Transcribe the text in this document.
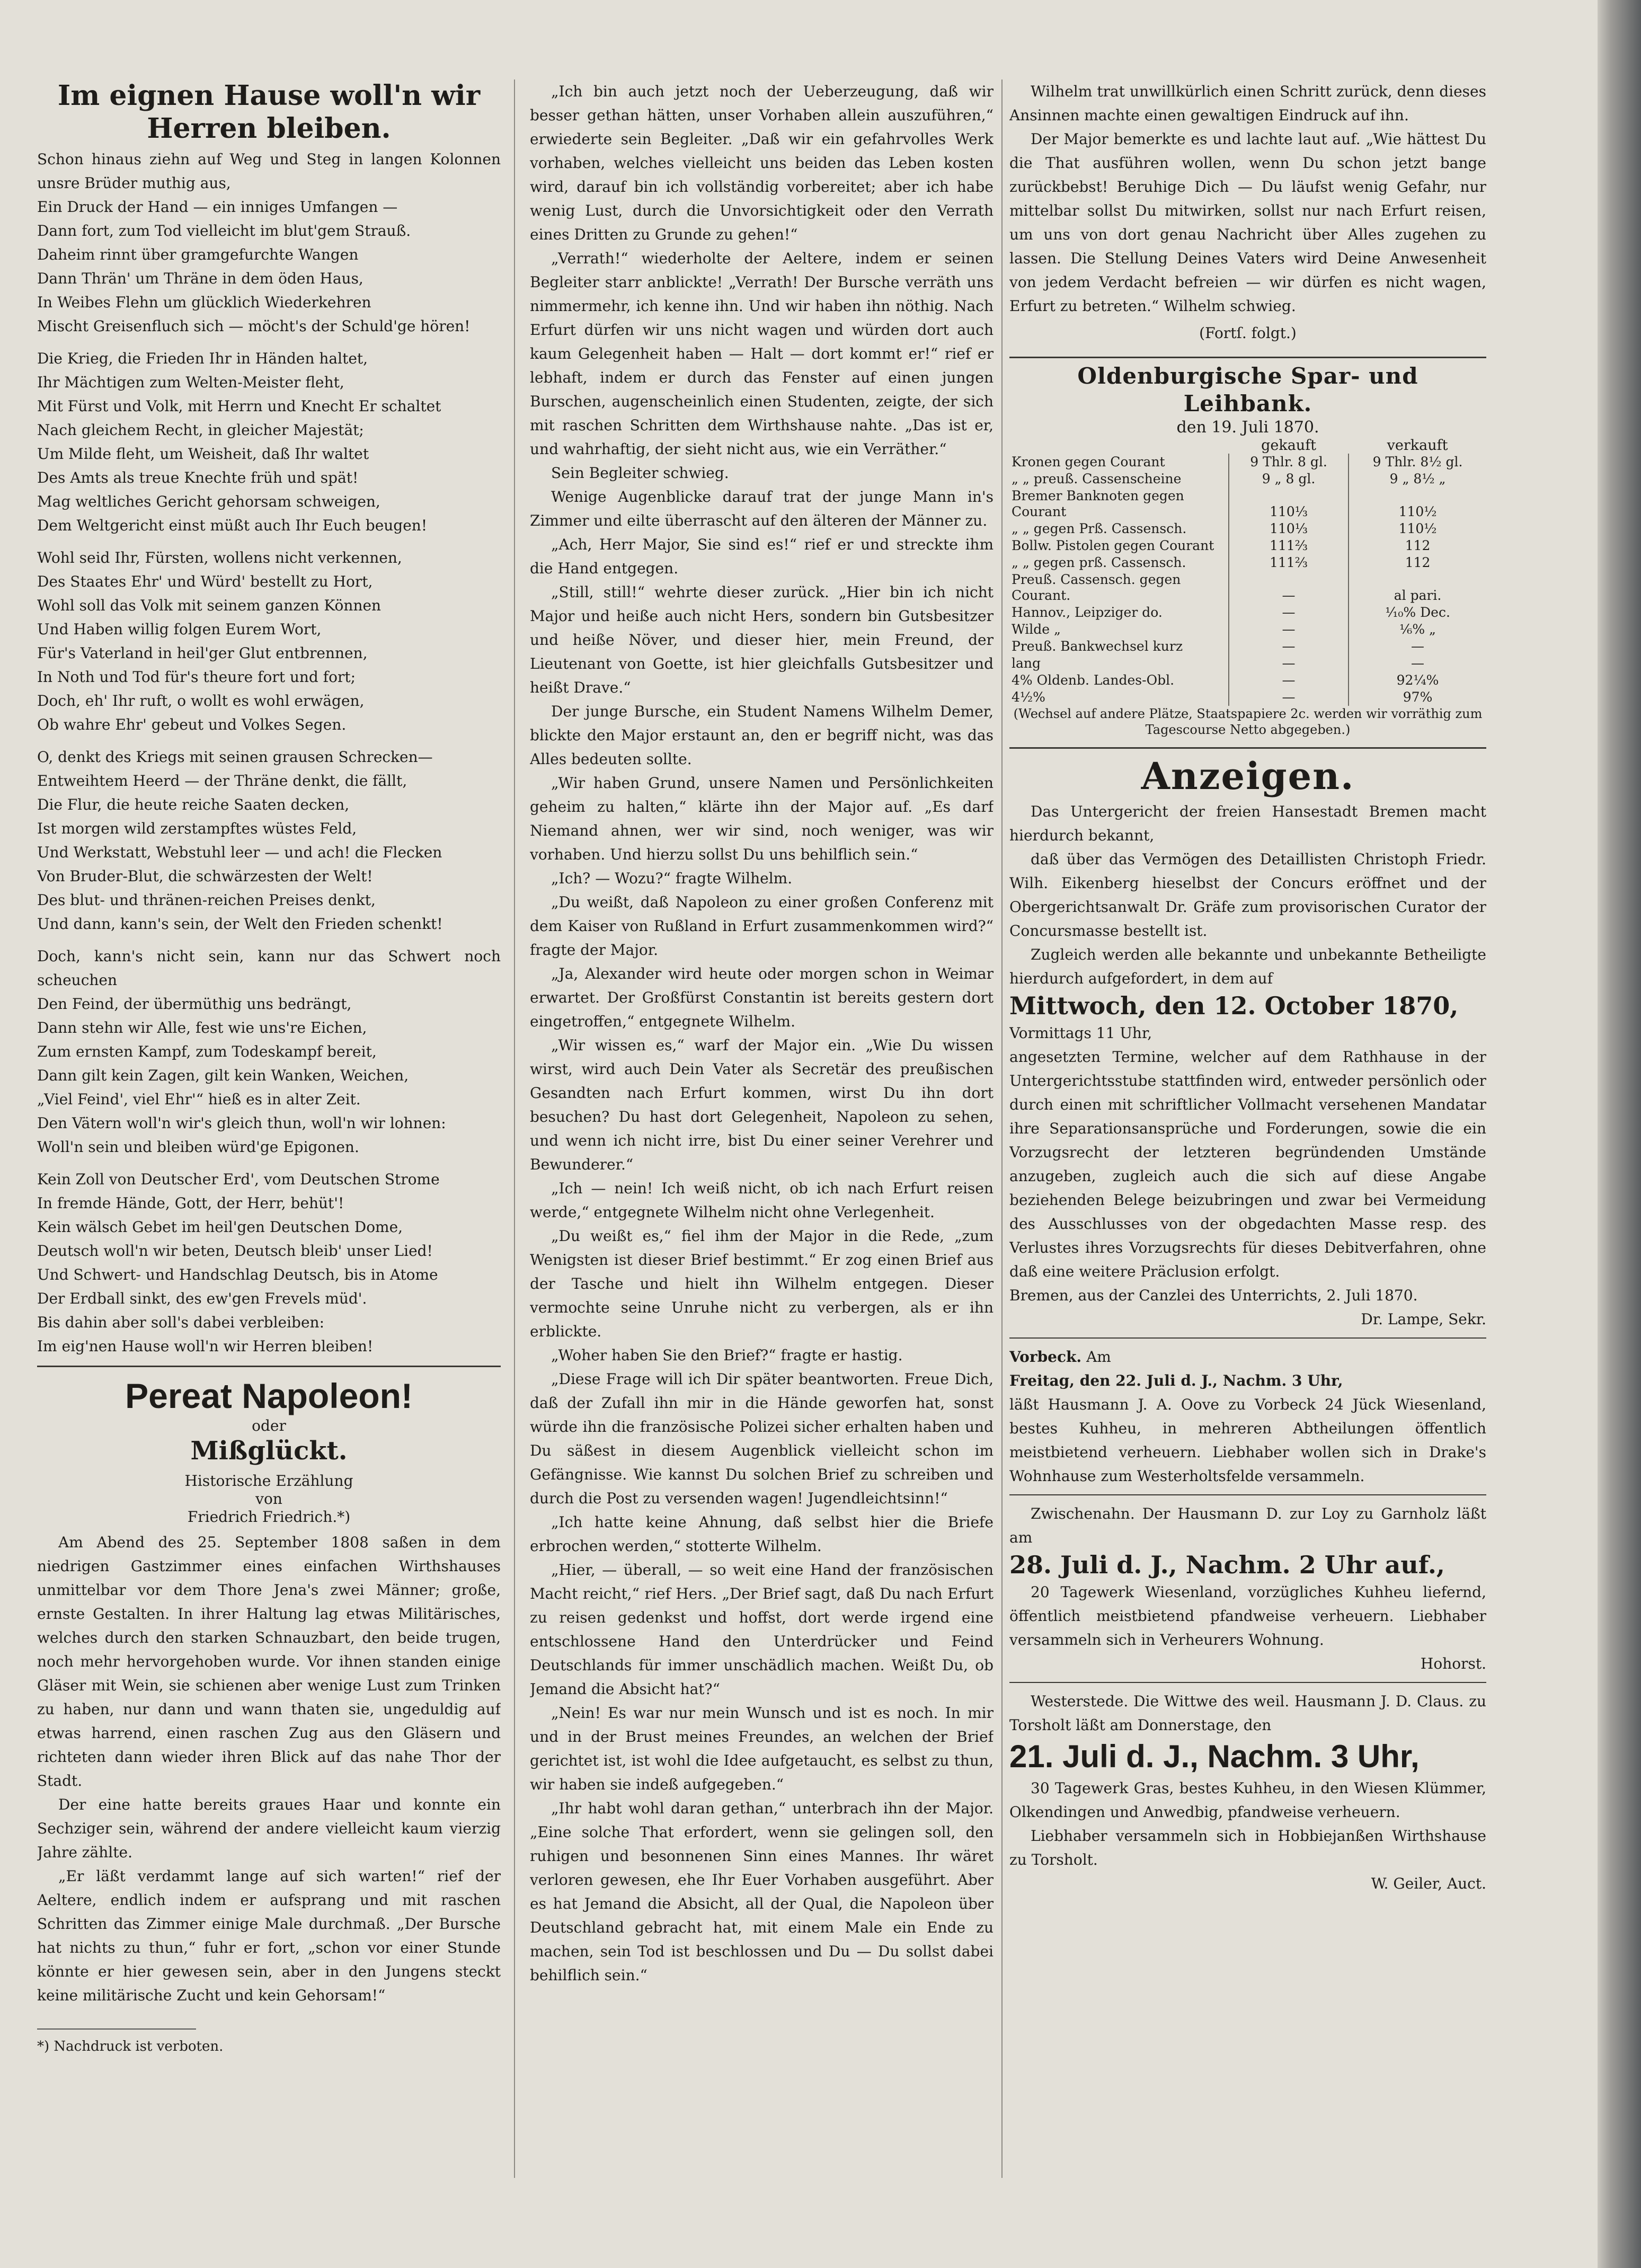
Im eignen Hause woll'n wir Herren bleiben.

Schon hinaus ziehn auf Weg und Steg in langen Kolonnen unsre Brüder muthig aus,
Ein Druck der Hand — ein inniges Umfangen —
Dann fort, zum Tod vielleicht im blut'gem Strauß.
Daheim rinnt über gramgefurchte Wangen
Dann Thrän' um Thräne in dem öden Haus,
In Weibes Flehn um glücklich Wiederkehren
Mischt Greisenfluch sich — möcht's der Schuld'ge hören!

Die Krieg, die Frieden Ihr in Händen haltet,
Ihr Mächtigen zum Welten-Meister fleht,
Mit Fürst und Volk, mit Herrn und Knecht Er schaltet
Nach gleichem Recht, in gleicher Majestät;
Um Milde fleht, um Weisheit, daß Ihr waltet
Des Amts als treue Knechte früh und spät!
Mag weltliches Gericht gehorsam schweigen,
Dem Weltgericht einst müßt auch Ihr Euch beugen!

Wohl seid Ihr, Fürsten, wollens nicht verkennen,
Des Staates Ehr' und Würd' bestellt zu Hort,
Wohl soll das Volk mit seinem ganzen Können
Und Haben willig folgen Eurem Wort,
Für's Vaterland in heil'ger Glut entbrennen,
In Noth und Tod für's theure fort und fort;
Doch, eh' Ihr ruft, o wollt es wohl erwägen,
Ob wahre Ehr' gebeut und Volkes Segen.

O, denkt des Kriegs mit seinen grausen Schrecken—
Entweihtem Heerd — der Thräne denkt, die fällt,
Die Flur, die heute reiche Saaten decken,
Ist morgen wild zerstampftes wüstes Feld,
Und Werkstatt, Webstuhl leer — und ach! die Flecken
Von Bruder-Blut, die schwärzesten der Welt!
Des blut- und thränen-reichen Preises denkt,
Und dann, kann's sein, der Welt den Frieden schenkt!

Doch, kann's nicht sein, kann nur das Schwert noch scheuchen
Den Feind, der übermüthig uns bedrängt,
Dann stehn wir Alle, fest wie uns're Eichen,
Zum ernsten Kampf, zum Todeskampf bereit,
Dann gilt kein Zagen, gilt kein Wanken, Weichen,
„Viel Feind', viel Ehr'“ hieß es in alter Zeit.
Den Vätern woll'n wir's gleich thun, woll'n wir lohnen:
Woll'n sein und bleiben würd'ge Epigonen.

Kein Zoll von Deutscher Erd', vom Deutschen Strome
In fremde Hände, Gott, der Herr, behüt'!
Kein wälsch Gebet im heil'gen Deutschen Dome,
Deutsch woll'n wir beten, Deutsch bleib' unser Lied!
Und Schwert- und Handschlag Deutsch, bis in Atome
Der Erdball sinkt, des ew'gen Frevels müd'.
Bis dahin aber soll's dabei verbleiben:
Im eig'nen Hause woll'n wir Herren bleiben!

Pereat Napoleon!
oder
Mißglückt.
Historische Erzählung
von
Friedrich Friedrich.*)

Am Abend des 25. September 1808 saßen in dem niedrigen Gastzimmer eines einfachen Wirthshauses unmittelbar vor dem Thore Jena's zwei Männer; große, ernste Gestalten. In ihrer Haltung lag etwas Militärisches, welches durch den starken Schnauzbart, den beide trugen, noch mehr hervorgehoben wurde. Vor ihnen standen einige Gläser mit Wein, sie schienen aber wenige Lust zum Trinken zu haben, nur dann und wann thaten sie, ungeduldig auf etwas harrend, einen raschen Zug aus den Gläsern und richteten dann wieder ihren Blick auf das nahe Thor der Stadt.

Der eine hatte bereits graues Haar und konnte ein Sechziger sein, während der andere vielleicht kaum vierzig Jahre zählte.

„Er läßt verdammt lange auf sich warten!“ rief der Aeltere, endlich indem er aufsprang und mit raschen Schritten das Zimmer einige Male durchmaß. „Der Bursche hat nichts zu thun,“ fuhr er fort, „schon vor einer Stunde könnte er hier gewesen sein, aber in den Jungens steckt keine militärische Zucht und kein Gehorsam!“

*) Nachdruck ist verboten.

„Ich bin auch jetzt noch der Ueberzeugung, daß wir besser gethan hätten, unser Vorhaben allein auszuführen,“ erwiederte sein Begleiter. „Daß wir ein gefahrvolles Werk vorhaben, welches vielleicht uns beiden das Leben kosten wird, darauf bin ich vollständig vorbereitet; aber ich habe wenig Lust, durch die Unvorsichtigkeit oder den Verrath eines Dritten zu Grunde zu gehen!“

„Verrath!“ wiederholte der Aeltere, indem er seinen Begleiter starr anblickte! „Verrath! Der Bursche verräth uns nimmermehr, ich kenne ihn. Und wir haben ihn nöthig. Nach Erfurt dürfen wir uns nicht wagen und würden dort auch kaum Gelegenheit haben — Halt — dort kommt er!“ rief er lebhaft, indem er durch das Fenster auf einen jungen Burschen, augenscheinlich einen Studenten, zeigte, der sich mit raschen Schritten dem Wirthshause nahte. „Das ist er, und wahrhaftig, der sieht nicht aus, wie ein Verräther.“

Sein Begleiter schwieg.

Wenige Augenblicke darauf trat der junge Mann in's Zimmer und eilte überrascht auf den älteren der Männer zu.

„Ach, Herr Major, Sie sind es!“ rief er und streckte ihm die Hand entgegen.

„Still, still!“ wehrte dieser zurück. „Hier bin ich nicht Major und heiße auch nicht Hers, sondern bin Gutsbesitzer und heiße Növer, und dieser hier, mein Freund, der Lieutenant von Goette, ist hier gleichfalls Gutsbesitzer und heißt Drave.“

Der junge Bursche, ein Student Namens Wilhelm Demer, blickte den Major erstaunt an, den er begriff nicht, was das Alles bedeuten sollte.

„Wir haben Grund, unsere Namen und Persönlichkeiten geheim zu halten,“ klärte ihn der Major auf. „Es darf Niemand ahnen, wer wir sind, noch weniger, was wir vorhaben. Und hierzu sollst Du uns behilflich sein.“

„Ich? — Wozu?“ fragte Wilhelm.

„Du weißt, daß Napoleon zu einer großen Conferenz mit dem Kaiser von Rußland in Erfurt zusammenkommen wird?“ fragte der Major.

„Ja, Alexander wird heute oder morgen schon in Weimar erwartet. Der Großfürst Constantin ist bereits gestern dort eingetroffen,“ entgegnete Wilhelm.

„Wir wissen es,“ warf der Major ein. „Wie Du wissen wirst, wird auch Dein Vater als Secretär des preußischen Gesandten nach Erfurt kommen, wirst Du ihn dort besuchen? Du hast dort Gelegenheit, Napoleon zu sehen, und wenn ich nicht irre, bist Du einer seiner Verehrer und Bewunderer.“

„Ich — nein! Ich weiß nicht, ob ich nach Erfurt reisen werde,“ entgegnete Wilhelm nicht ohne Verlegenheit.

„Du weißt es,“ fiel ihm der Major in die Rede, „zum Wenigsten ist dieser Brief bestimmt.“ Er zog einen Brief aus der Tasche und hielt ihn Wilhelm entgegen. Dieser vermochte seine Unruhe nicht zu verbergen, als er ihn erblickte.

„Woher haben Sie den Brief?“ fragte er hastig.

„Diese Frage will ich Dir später beantworten. Freue Dich, daß der Zufall ihn mir in die Hände geworfen hat, sonst würde ihn die französische Polizei sicher erhalten haben und Du säßest in diesem Augenblick vielleicht schon im Gefängnisse. Wie kannst Du solchen Brief zu schreiben und durch die Post zu versenden wagen! Jugendleichtsinn!“

„Ich hatte keine Ahnung, daß selbst hier die Briefe erbrochen werden,“ stotterte Wilhelm.

„Hier, — überall, — so weit eine Hand der französischen Macht reicht,“ rief Hers. „Der Brief sagt, daß Du nach Erfurt zu reisen gedenkst und hoffst, dort werde irgend eine entschlossene Hand den Unterdrücker und Feind Deutschlands für immer unschädlich machen. Weißt Du, ob Jemand die Absicht hat?“

„Nein! Es war nur mein Wunsch und ist es noch. In mir und in der Brust meines Freundes, an welchen der Brief gerichtet ist, ist wohl die Idee aufgetaucht, es selbst zu thun, wir haben sie indeß aufgegeben.“

„Ihr habt wohl daran gethan,“ unterbrach ihn der Major. „Eine solche That erfordert, wenn sie gelingen soll, den ruhigen und besonnenen Sinn eines Mannes. Ihr wäret verloren gewesen, ehe Ihr Euer Vorhaben ausgeführt. Aber es hat Jemand die Absicht, all der Qual, die Napoleon über Deutschland gebracht hat, mit einem Male ein Ende zu machen, sein Tod ist beschlossen und Du — Du sollst dabei behilflich sein.“

Wilhelm trat unwillkürlich einen Schritt zurück, denn dieses Ansinnen machte einen gewaltigen Eindruck auf ihn.

Der Major bemerkte es und lachte laut auf. „Wie hättest Du die That ausführen wollen, wenn Du schon jetzt bange zurückbebst! Beruhige Dich — Du läufst wenig Gefahr, nur mittelbar sollst Du mitwirken, sollst nur nach Erfurt reisen, um uns von dort genau Nachricht über Alles zugehen zu lassen. Die Stellung Deines Vaters wird Deine Anwesenheit von jedem Verdacht befreien — wir dürfen es nicht wagen, Erfurt zu betreten.“ Wilhelm schwieg.

(Fortſ. folgt.)

Oldenburgische Spar- und Leihbank.
den 19. Juli 1870.
	gekauft	verkauft
Kronen gegen Courant	9 Thlr. 8 gl.	9 Thlr. 8½ gl.
„ „ preuß. Cassenscheine	9 „ 8 gl.	9 „ 8½ „
Bremer Banknoten gegen Courant	110⅓	110½
„ „ gegen Prß. Cassensch.	110⅓	110½
Bollw. Pistolen gegen Courant	111⅔	112
„ „ gegen prß. Cassensch.	111⅔	112
Preuß. Cassensch. gegen Courant.	—	al pari.
Hannov., Leipziger do.	—	¹⁄₁₀% Dec.
Wilde „	—	¹⁄₆% „
Preuß. Bankwechsel kurz	—	—
lang	—	—
4% Oldenb. Landes-Obl.	—	92¼%
4½%	—	97%
(Wechsel auf andere Plätze, Staatspapiere 2c. werden wir vorräthig zum Tagescourse Netto abgegeben.)
Anzeigen.

Das Untergericht der freien Hansestadt Bremen macht hierdurch bekannt,

daß über das Vermögen des Detaillisten Christoph Friedr. Wilh. Eikenberg hieselbst der Concurs eröffnet und der Obergerichtsanwalt Dr. Gräfe zum provisorischen Curator der Concursmasse bestellt ist.

Zugleich werden alle bekannte und unbekannte Betheiligte hierdurch aufgefordert, in dem auf

Mittwoch, den 12. October 1870,

Vormittags 11 Uhr,

angesetzten Termine, welcher auf dem Rathhause in der Untergerichtsstube stattfinden wird, entweder persönlich oder durch einen mit schriftlicher Vollmacht versehenen Mandatar ihre Separationsansprüche und Forderungen, sowie die ein Vorzugsrecht der letzteren begründenden Umstände anzugeben, zugleich auch die sich auf diese Angabe beziehenden Belege beizubringen und zwar bei Vermeidung des Ausschlusses von der obgedachten Masse resp. des Verlustes ihres Vorzugsrechts für dieses Debitverfahren, ohne daß eine weitere Präclusion erfolgt.

Bremen, aus der Canzlei des Unterrichts, 2. Juli 1870.

Dr. Lampe, Sekr.

Vorbeck. Am

Freitag, den 22. Juli d. J., Nachm. 3 Uhr,

läßt Hausmann J. A. Oove zu Vorbeck 24 Jück Wiesenland, bestes Kuhheu, in mehreren Abtheilungen öffentlich meistbietend verheuern. Liebhaber wollen sich in Drake's Wohnhause zum Westerholtsfelde versammeln.

Zwischenahn. Der Hausmann D. zur Loy zu Garnholz läßt am

28. Juli d. J., Nachm. 2 Uhr auf.,

20 Tagewerk Wiesenland, vorzügliches Kuhheu liefernd, öffentlich meistbietend pfandweise verheuern. Liebhaber versammeln sich in Verheurers Wohnung.

Hohorst.

Westerstede. Die Wittwe des weil. Hausmann J. D. Claus. zu Torsholt läßt am Donnerstage, den

21. Juli d. J., Nachm. 3 Uhr,

30 Tagewerk Gras, bestes Kuhheu, in den Wiesen Klümmer, Olkendingen und Anwedbig, pfandweise verheuern.

Liebhaber versammeln sich in Hobbiejanßen Wirthshause zu Torsholt.

W. Geiler, Auct.
